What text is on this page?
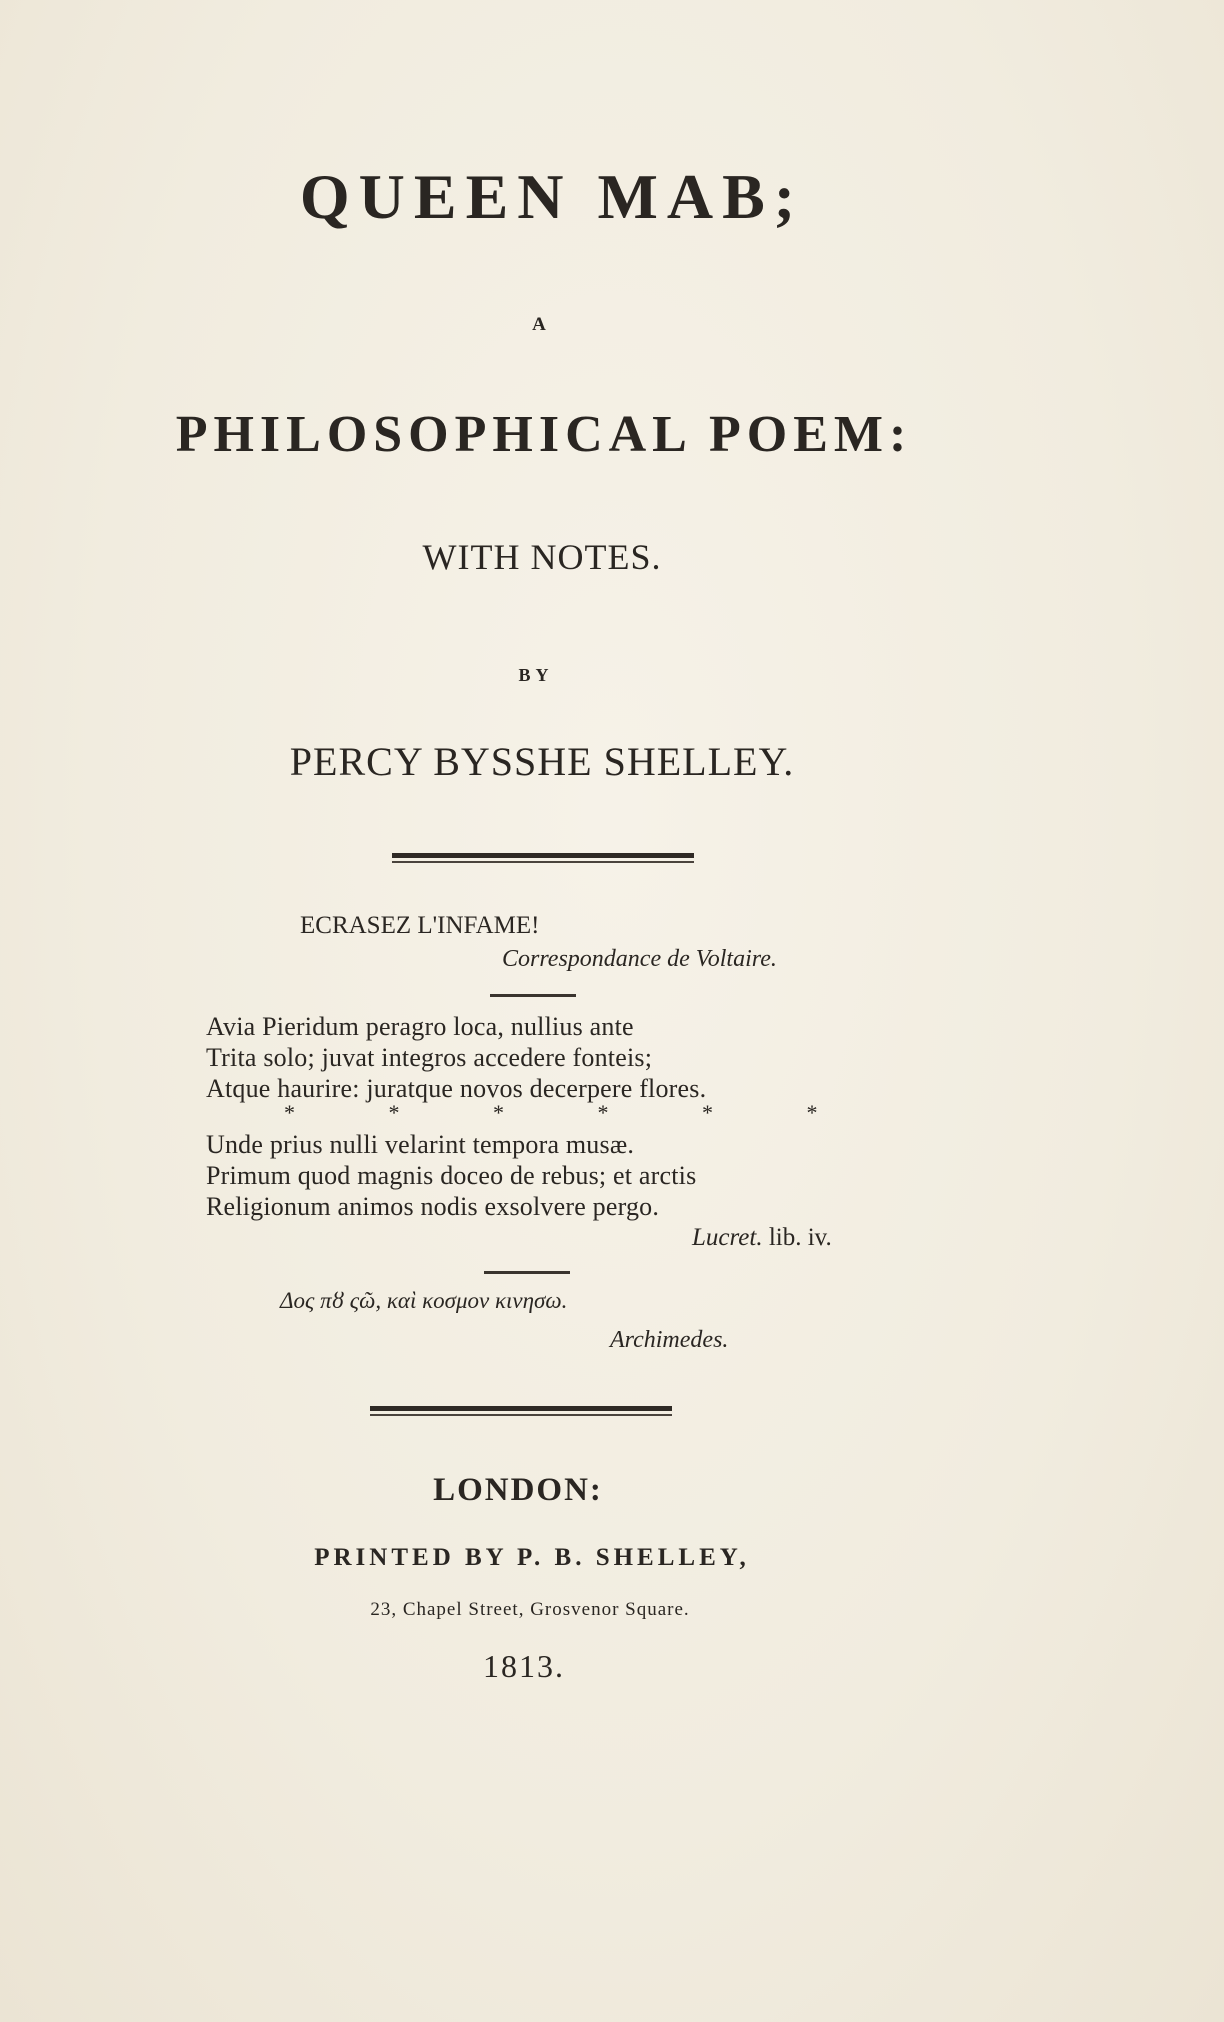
QUEEN MAB;
A
PHILOSOPHICAL POEM:
WITH NOTES.
BY
PERCY BYSSHE SHELLEY.
ECRASEZ L'INFAME!
Correspondance de Voltaire.
Avia Pieridum peragro loca, nullius ante
Trita solo; juvat integros accedere fonteis;
Atque haurire: juratque novos decerpere flores.
* * * * * *
Unde prius nulli velarint tempora musæ.
Primum quod magnis doceo de rebus; et arctis
Religionum animos nodis exsolvere pergo.
Lucret. lib. iv.
Δος πȣ ςῶ, καὶ κοσμον κινησω.
Archimedes.
LONDON:
PRINTED BY P. B. SHELLEY,
23, Chapel Street, Grosvenor Square.
1813.
